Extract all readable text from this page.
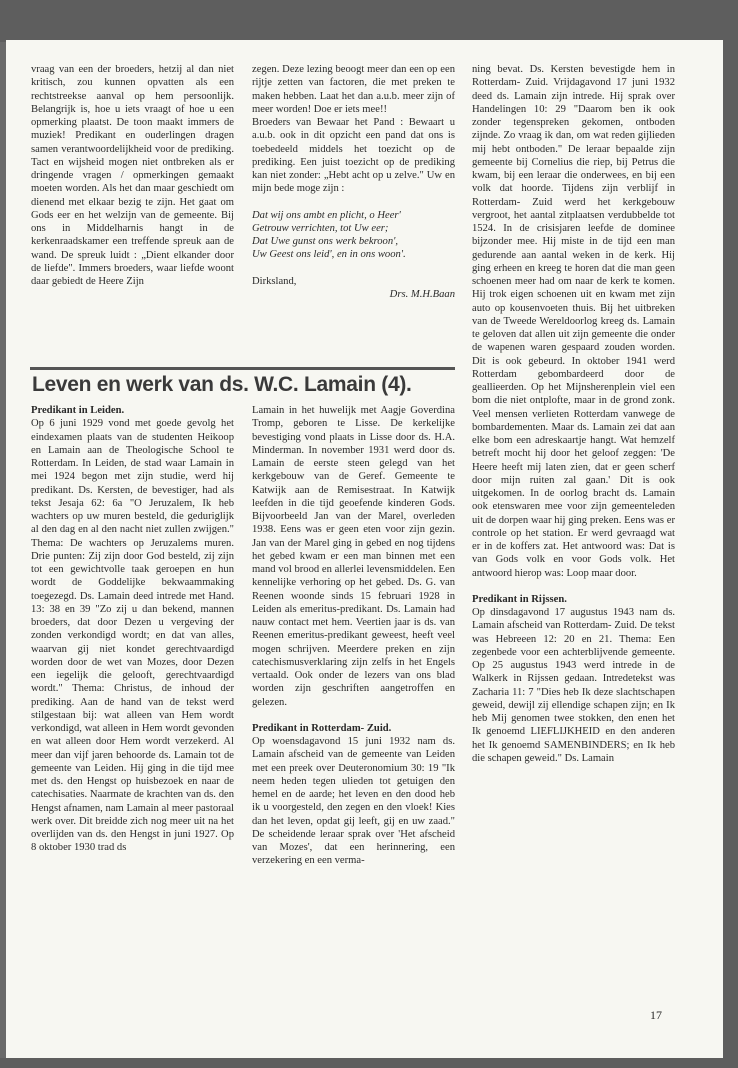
vraag van een der broeders, hetzij al dan niet kritisch, zou kunnen opvatten als een rechtstreekse aanval op hem persoonlijk. Belangrijk is, hoe u iets vraagt of hoe u een opmerking plaatst. De toon maakt immers de muziek! Predikant en ouderlingen dragen samen verantwoordelijkheid voor de prediking. Tact en wijsheid mogen niet ontbreken als er dringende vragen / opmerkingen gemaakt moeten worden. Als het dan maar geschiedt om dienend met elkaar bezig te zijn. Het gaat om Gods eer en het welzijn van de gemeente. Bij ons in Middelharnis hangt in de kerkenraadskamer een treffende spreuk aan de wand. De spreuk luidt : „Dient elkander door de liefde". Immers broeders, waar liefde woont daar gebiedt de Heere Zijn

zegen. Deze lezing beoogt meer dan een op een rijtje zetten van factoren, die met preken te maken hebben. Laat het dan a.u.b. meer zijn of meer worden! Doe er iets mee!!

Broeders van Bewaar het Pand : Bewaart u a.u.b. ook in dit opzicht een pand dat ons is toebedeeld middels het toezicht op de prediking. Een juist toezicht op de prediking kan niet zonder: „Hebt acht op u zelve." Uw en mijn bede moge zijn :

Dat wij ons ambt en plicht, o Heer'

Getrouw verrichten, tot Uw eer;

Dat Uwe gunst ons werk bekroon',

Uw Geest ons leid', en in ons woon'.

Dirksland,

Drs. M.H.Baan

Leven en werk van ds. W.C. Lamain (4).

Predikant in Leiden.

Op 6 juni 1929 vond met goede gevolg het eindexamen plaats van de studenten Heikoop en Lamain aan de Theologische School te Rotterdam. In Leiden, de stad waar Lamain in mei 1924 begon met zijn studie, werd hij predikant. Ds. Kersten, de bevestiger, had als tekst Jesaja 62: 6a "O Jeruzalem, Ik heb wachters op uw muren besteld, die geduriglijk al den dag en al den nacht niet zullen zwijgen." Thema: De wachters op Jeruzalems muren. Drie punten: Zij zijn door God besteld, zij zijn tot een gewichtvolle taak geroepen en hun wordt de Goddelijke bekwaammaking toegezegd. Ds. Lamain deed intrede met Hand. 13: 38 en 39 "Zo zij u dan bekend, mannen broeders, dat door Dezen u vergeving der zonden verkondigd wordt; en dat van alles, waarvan gij niet kondet gerechtvaardigd worden door de wet van Mozes, door Dezen een iegelijk die gelooft, gerechtvaardigd wordt." Thema: Christus, de inhoud der prediking. Aan de hand van de tekst werd stilgestaan bij: wat alleen van Hem wordt verkondigd, wat alleen in Hem wordt gevonden en wat alleen door Hem wordt verzekerd. Al meer dan vijf jaren behoorde ds. Lamain tot de gemeente van Leiden. Hij ging in die tijd mee met ds. den Hengst op huisbezoek en naar de catechisaties. Naarmate de krachten van ds. den Hengst afnamen, nam Lamain al meer pastoraal werk over. Dit breidde zich nog meer uit na het overlijden van ds. den Hengst in juni 1927. Op 8 oktober 1930 trad ds

Lamain in het huwelijk met Aagje Goverdina Tromp, geboren te Lisse. De kerkelijke bevestiging vond plaats in Lisse door ds. H.A. Minderman. In november 1931 werd door ds. Lamain de eerste steen gelegd van het kerkgebouw van de Geref. Gemeente te Katwijk aan de Remisestraat. In Katwijk leefden in die tijd geoefende kinderen Gods. Bijvoorbeeld Jan van der Marel, overleden 1938. Eens was er geen eten voor zijn gezin. Jan van der Marel ging in gebed en nog tijdens het gebed kwam er een man binnen met een mand vol brood en allerlei levensmiddelen. Een kennelijke verhoring op het gebed. Ds. G. van Reenen woonde sinds 15 februari 1928 in Leiden als emeritus-predikant. Ds. Lamain had nauw contact met hem. Veertien jaar is ds. van Reenen emeritus-predikant geweest, heeft veel mogen schrijven. Meerdere preken en zijn catechismusverklaring zijn zelfs in het Engels vertaald. Ook onder de lezers van ons blad worden zijn geschriften aangetroffen en gelezen.

Predikant in Rotterdam- Zuid.

Op woensdagavond 15 juni 1932 nam ds. Lamain afscheid van de gemeente van Leiden met een preek over Deuteronomium 30: 19 "Ik neem heden tegen ulieden tot getuigen den hemel en de aarde; het leven en den dood heb ik u voorgesteld, den zegen en den vloek! Kies dan het leven, opdat gij leeft, gij en uw zaad." De scheidende leraar sprak over 'Het afscheid van Mozes', dat een herinnering, een verzekering en een verma-

ning bevat. Ds. Kersten bevestigde hem in Rotterdam- Zuid. Vrijdagavond 17 juni 1932 deed ds. Lamain zijn intrede. Hij sprak over Handelingen 10: 29 "Daarom ben ik ook zonder tegenspreken gekomen, ontboden zijnde. Zo vraag ik dan, om wat reden gijlieden mij hebt ontboden." De leraar bepaalde zijn gemeente bij Cornelius die riep, bij Petrus die kwam, bij een leraar die onderwees, en bij een volk dat hoorde. Tijdens zijn verblijf in Rotterdam- Zuid werd het kerkgebouw vergroot, het aantal zitplaatsen verdubbelde tot 1524. In de crisisjaren leefde de dominee bijzonder mee. Hij miste in de tijd een man gedurende aan aantal weken in de kerk. Hij ging erheen en kreeg te horen dat die man geen schoenen meer had om naar de kerk te komen. Hij trok eigen schoenen uit en kwam met zijn auto op kousenvoeten thuis. Bij het uitbreken van de Tweede Wereldoorlog kreeg ds. Lamain te geloven dat allen uit zijn gemeente die onder de wapenen waren gespaard zouden worden. Dit is ook gebeurd. In oktober 1941 werd Rotterdam gebombardeerd door de geallieerden. Op het Mijnsherenplein viel een bom die niet ontplofte, maar in de grond zonk. Veel mensen verlieten Rotterdam vanwege de bombardementen. Maar ds. Lamain zei dat aan elke bom een adreskaartje hangt. Wat hemzelf betreft mocht hij door het geloof zeggen: 'De Heere heeft mij laten zien, dat er geen scherf door mijn ruiten zal gaan.' Dit is ook uitgekomen. In de oorlog bracht ds. Lamain ook etenswaren mee voor zijn gemeenteleden uit de dorpen waar hij ging preken. Eens was er controle op het station. Er werd gevraagd wat er in de koffers zat. Het antwoord was: Dat is van Gods volk en voor Gods volk. Het antwoord hierop was: Loop maar door.

Predikant in Rijssen.

Op dinsdagavond 17 augustus 1943 nam ds. Lamain afscheid van Rotterdam- Zuid. De tekst was Hebreeen 12: 20 en 21. Thema: Een zegenbede voor een achterblijvende gemeente. Op 25 augustus 1943 werd intrede in de Walkerk in Rijssen gedaan. Intredetekst was Zacharia 11: 7 "Dies heb Ik deze slachtschapen geweid, dewijl zij ellendige schapen zijn; en Ik heb Mij genomen twee stokken, den enen het Ik genoemd LIEFLIJKHEID en den anderen het Ik genoemd SAMENBINDERS; en Ik heb die schapen geweid." Ds. Lamain

17
